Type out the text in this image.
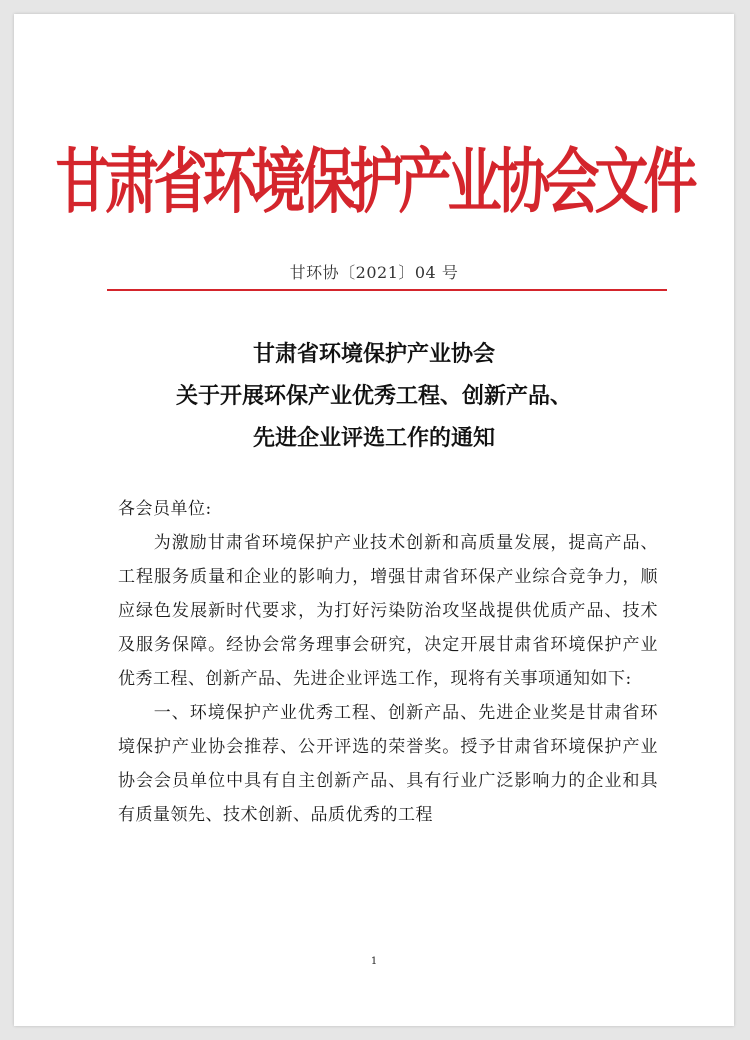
甘肃省环境保护产业协会文件
甘环协〔2021〕04 号
甘肃省环境保护产业协会
关于开展环保产业优秀工程、创新产品、
先进企业评选工作的通知

各会员单位:

为激励甘肃省环境保护产业技术创新和高质量发展，提高产品、工程服务质量和企业的影响力，增强甘肃省环保产业综合竞争力，顺应绿色发展新时代要求，为打好污染防治攻坚战提供优质产品、技术及服务保障。经协会常务理事会研究，决定开展甘肃省环境保护产业优秀工程、创新产品、先进企业评选工作，现将有关事项通知如下:

一、环境保护产业优秀工程、创新产品、先进企业奖是甘肃省环境保护产业协会推荐、公开评选的荣誉奖。授予甘肃省环境保护产业协会会员单位中具有自主创新产品、具有行业广泛影响力的企业和具有质量领先、技术创新、品质优秀的工程

1
